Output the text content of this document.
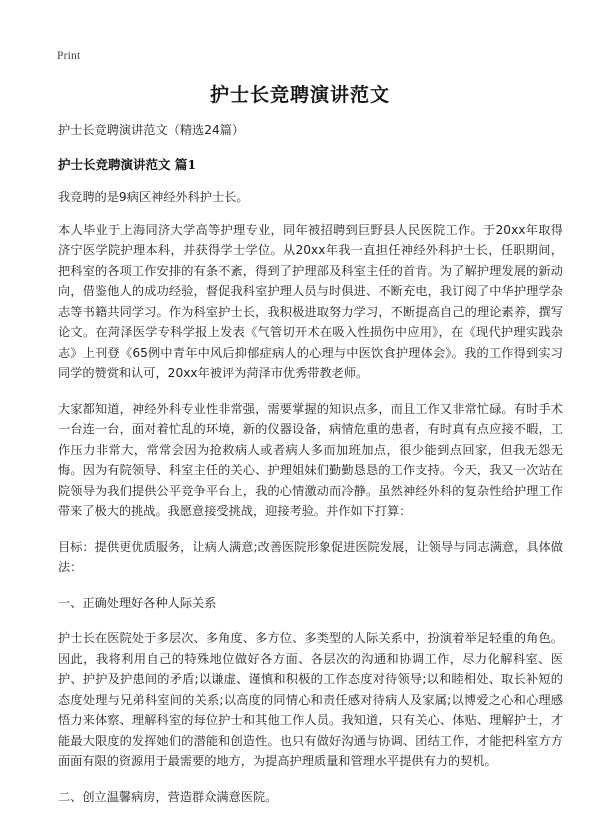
Print
护士长竞聘演讲范文

护士长竞聘演讲范文（精选24篇）

护士长竞聘演讲范文 篇1

我竞聘的是9病区神经外科护士长。

本人毕业于上海同济大学高等护理专业，同年被招聘到巨野县人民医院工作。于20xx年取得济宁医学院护理本科，并获得学士学位。从20xx年我一直担任神经外科护士长，任职期间，把科室的各项工作安排的有条不紊，得到了护理部及科室主任的首肯。为了解护理发展的新动向，借鉴他人的成功经验，督促我科室护理人员与时俱进、不断充电，我订阅了中华护理学杂志等书籍共同学习。作为科室护士长，我积极进取努力学习，不断提高自己的理论素养，撰写论文。在菏泽医学专科学报上发表《气管切开术在吸入性损伤中应用》，在《现代护理实践杂志》上刊登《65例中青年中风后抑郁症病人的心理与中医饮食护理体会》。我的工作得到实习同学的赞赏和认可，20xx年被评为菏泽市优秀带教老师。

大家都知道，神经外科专业性非常强，需要掌握的知识点多，而且工作又非常忙碌。有时手术一台连一台，面对着忙乱的环境，新的仪器设备，病情危重的患者，有时真有点应接不暇，工作压力非常大，常常会因为抢救病人或者病人多而加班加点，很少能到点回家，但我无怨无悔。因为有院领导、科室主任的关心、护理姐妹们勤勤恳恳的工作支持。今天，我又一次站在院领导为我们提供公平竞争平台上，我的心情激动而冷静。虽然神经外科的复杂性给护理工作带来了极大的挑战。我愿意接受挑战，迎接考验。并作如下打算：

目标：提供更优质服务，让病人满意;改善医院形象促进医院发展，让领导与同志满意，具体做法：

一、正确处理好各种人际关系

护士长在医院处于多层次、多角度、多方位、多类型的人际关系中，扮演着举足轻重的角色。因此，我将利用自己的特殊地位做好各方面、各层次的沟通和协调工作，尽力化解科室、医护、护护及护患间的矛盾;以谦虚、谨慎和积极的工作态度对待领导;以和睦相处、取长补短的态度处理与兄弟科室间的关系;以高度的同情心和责任感对待病人及家属;以博爱之心和心理感悟力来体察、理解科室的每位护士和其他工作人员。我知道，只有关心、体贴、理解护士，才能最大限度的发挥她们的潜能和创造性。也只有做好沟通与协调、团结工作，才能把科室方方面面有限的资源用于最需要的地方，为提高护理质量和管理水平提供有力的契机。

二、创立温馨病房，营造群众满意医院。
